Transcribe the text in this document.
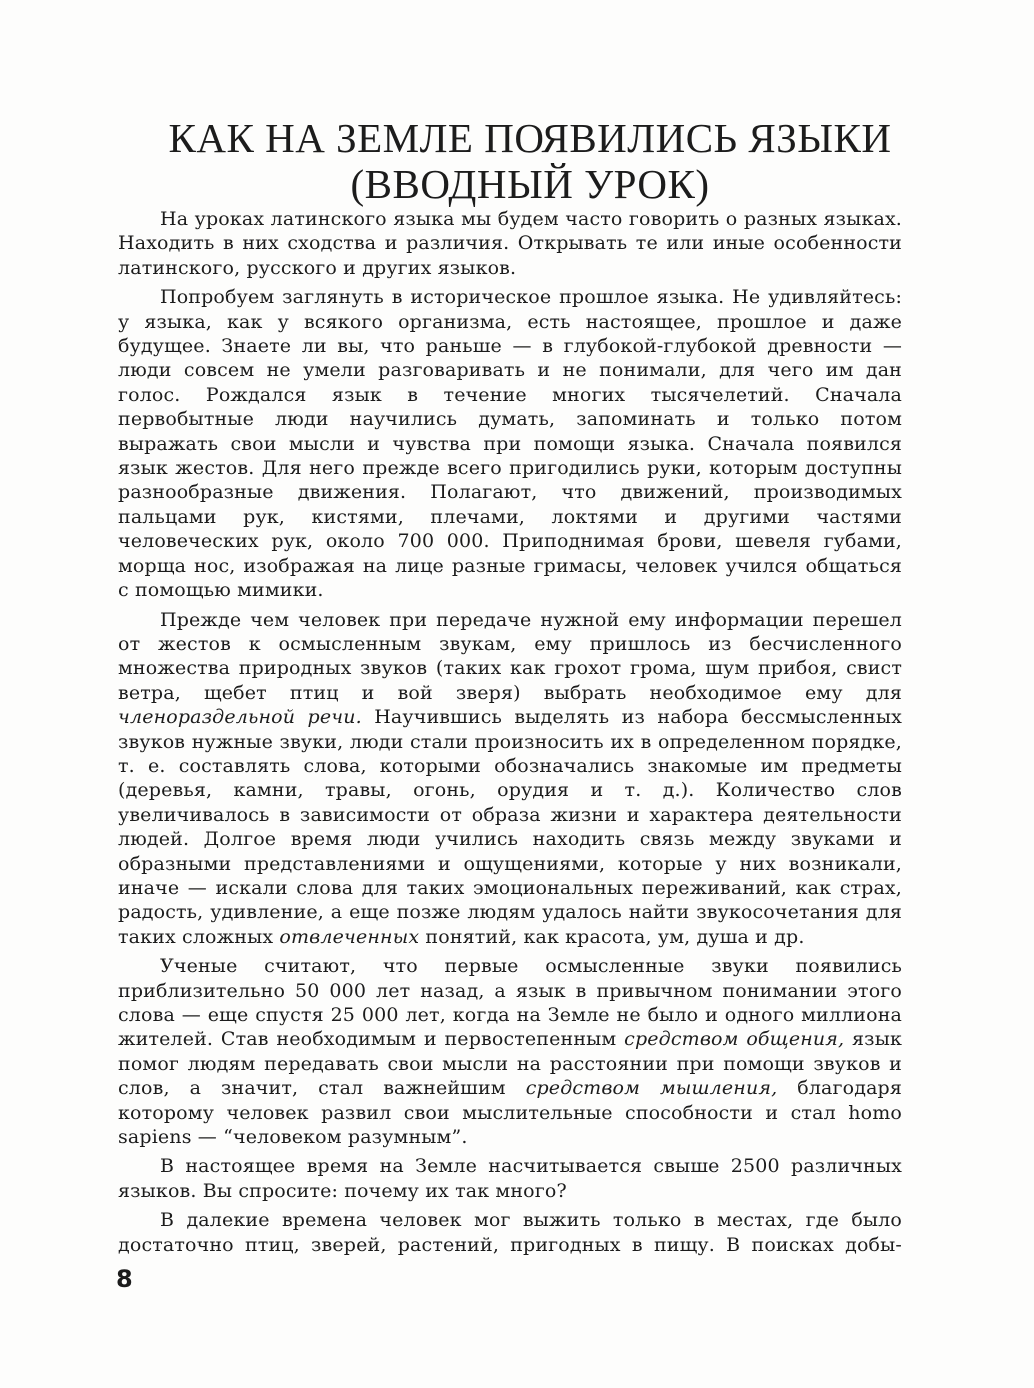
КАК НА ЗЕМЛЕ ПОЯВИЛИСЬ ЯЗЫКИ
(ВВОДНЫЙ УРОК)

На уроках латинского языка мы будем часто говорить о разных языках. Находить в них сходства и различия. Открывать те или иные особенности латинского, русского и других языков.

Попробуем заглянуть в историческое прошлое языка. Не удивляйтесь: у языка, как у всякого организма, есть настоящее, прошлое и даже будущее. Знаете ли вы, что раньше — в глубокой-глубокой древности — люди совсем не умели разговаривать и не понимали, для чего им дан голос. Рождался язык в течение многих тысячелетий. Сначала первобытные люди научились думать, запоминать и только потом выражать свои мысли и чувства при помощи языка. Сначала появился язык жестов. Для него прежде всего пригодились руки, которым доступны разнообразные движения. Полагают, что движений, производимых пальцами рук, кистями, плечами, локтями и другими частями человеческих рук, около 700 000. Приподнимая брови, шевеля губами, морща нос, изображая на лице разные гримасы, человек учился общаться с помощью мимики.

Прежде чем человек при передаче нужной ему информации перешел от жестов к осмысленным звукам, ему пришлось из бесчисленного множества природных звуков (таких как грохот грома, шум прибоя, свист ветра, щебет птиц и вой зверя) выбрать необходимое ему для членораздельной речи. Научившись выделять из набора бессмысленных звуков нужные звуки, люди стали произносить их в определенном порядке, т. е. составлять слова, которыми обозначались знакомые им предметы (деревья, камни, травы, огонь, орудия и т. д.). Количество слов увеличивалось в зависимости от образа жизни и характера деятельности людей. Долгое время люди учились находить связь между звуками и образными представлениями и ощущениями, которые у них возникали, иначе — искали слова для таких эмоциональных переживаний, как страх, радость, удивление, а еще позже людям удалось найти звукосочетания для таких сложных отвлеченных понятий, как красота, ум, душа и др.

Ученые считают, что первые осмысленные звуки появились приблизительно 50 000 лет назад, а язык в привычном понимании этого слова — еще спустя 25 000 лет, когда на Земле не было и одного миллиона жителей. Став необходимым и первостепенным средством общения, язык помог людям передавать свои мысли на расстоянии при помощи звуков и слов, а значит, стал важнейшим средством мышления, благодаря которому человек развил свои мыслительные способности и стал homo sapiens — “человеком разумным”.

В настоящее время на Земле насчитывается свыше 2500 различных языков. Вы спросите: почему их так много?

В далекие времена человек мог выжить только в местах, где было достаточно птиц, зверей, растений, пригодных в пищу. В поисках добы-

8
